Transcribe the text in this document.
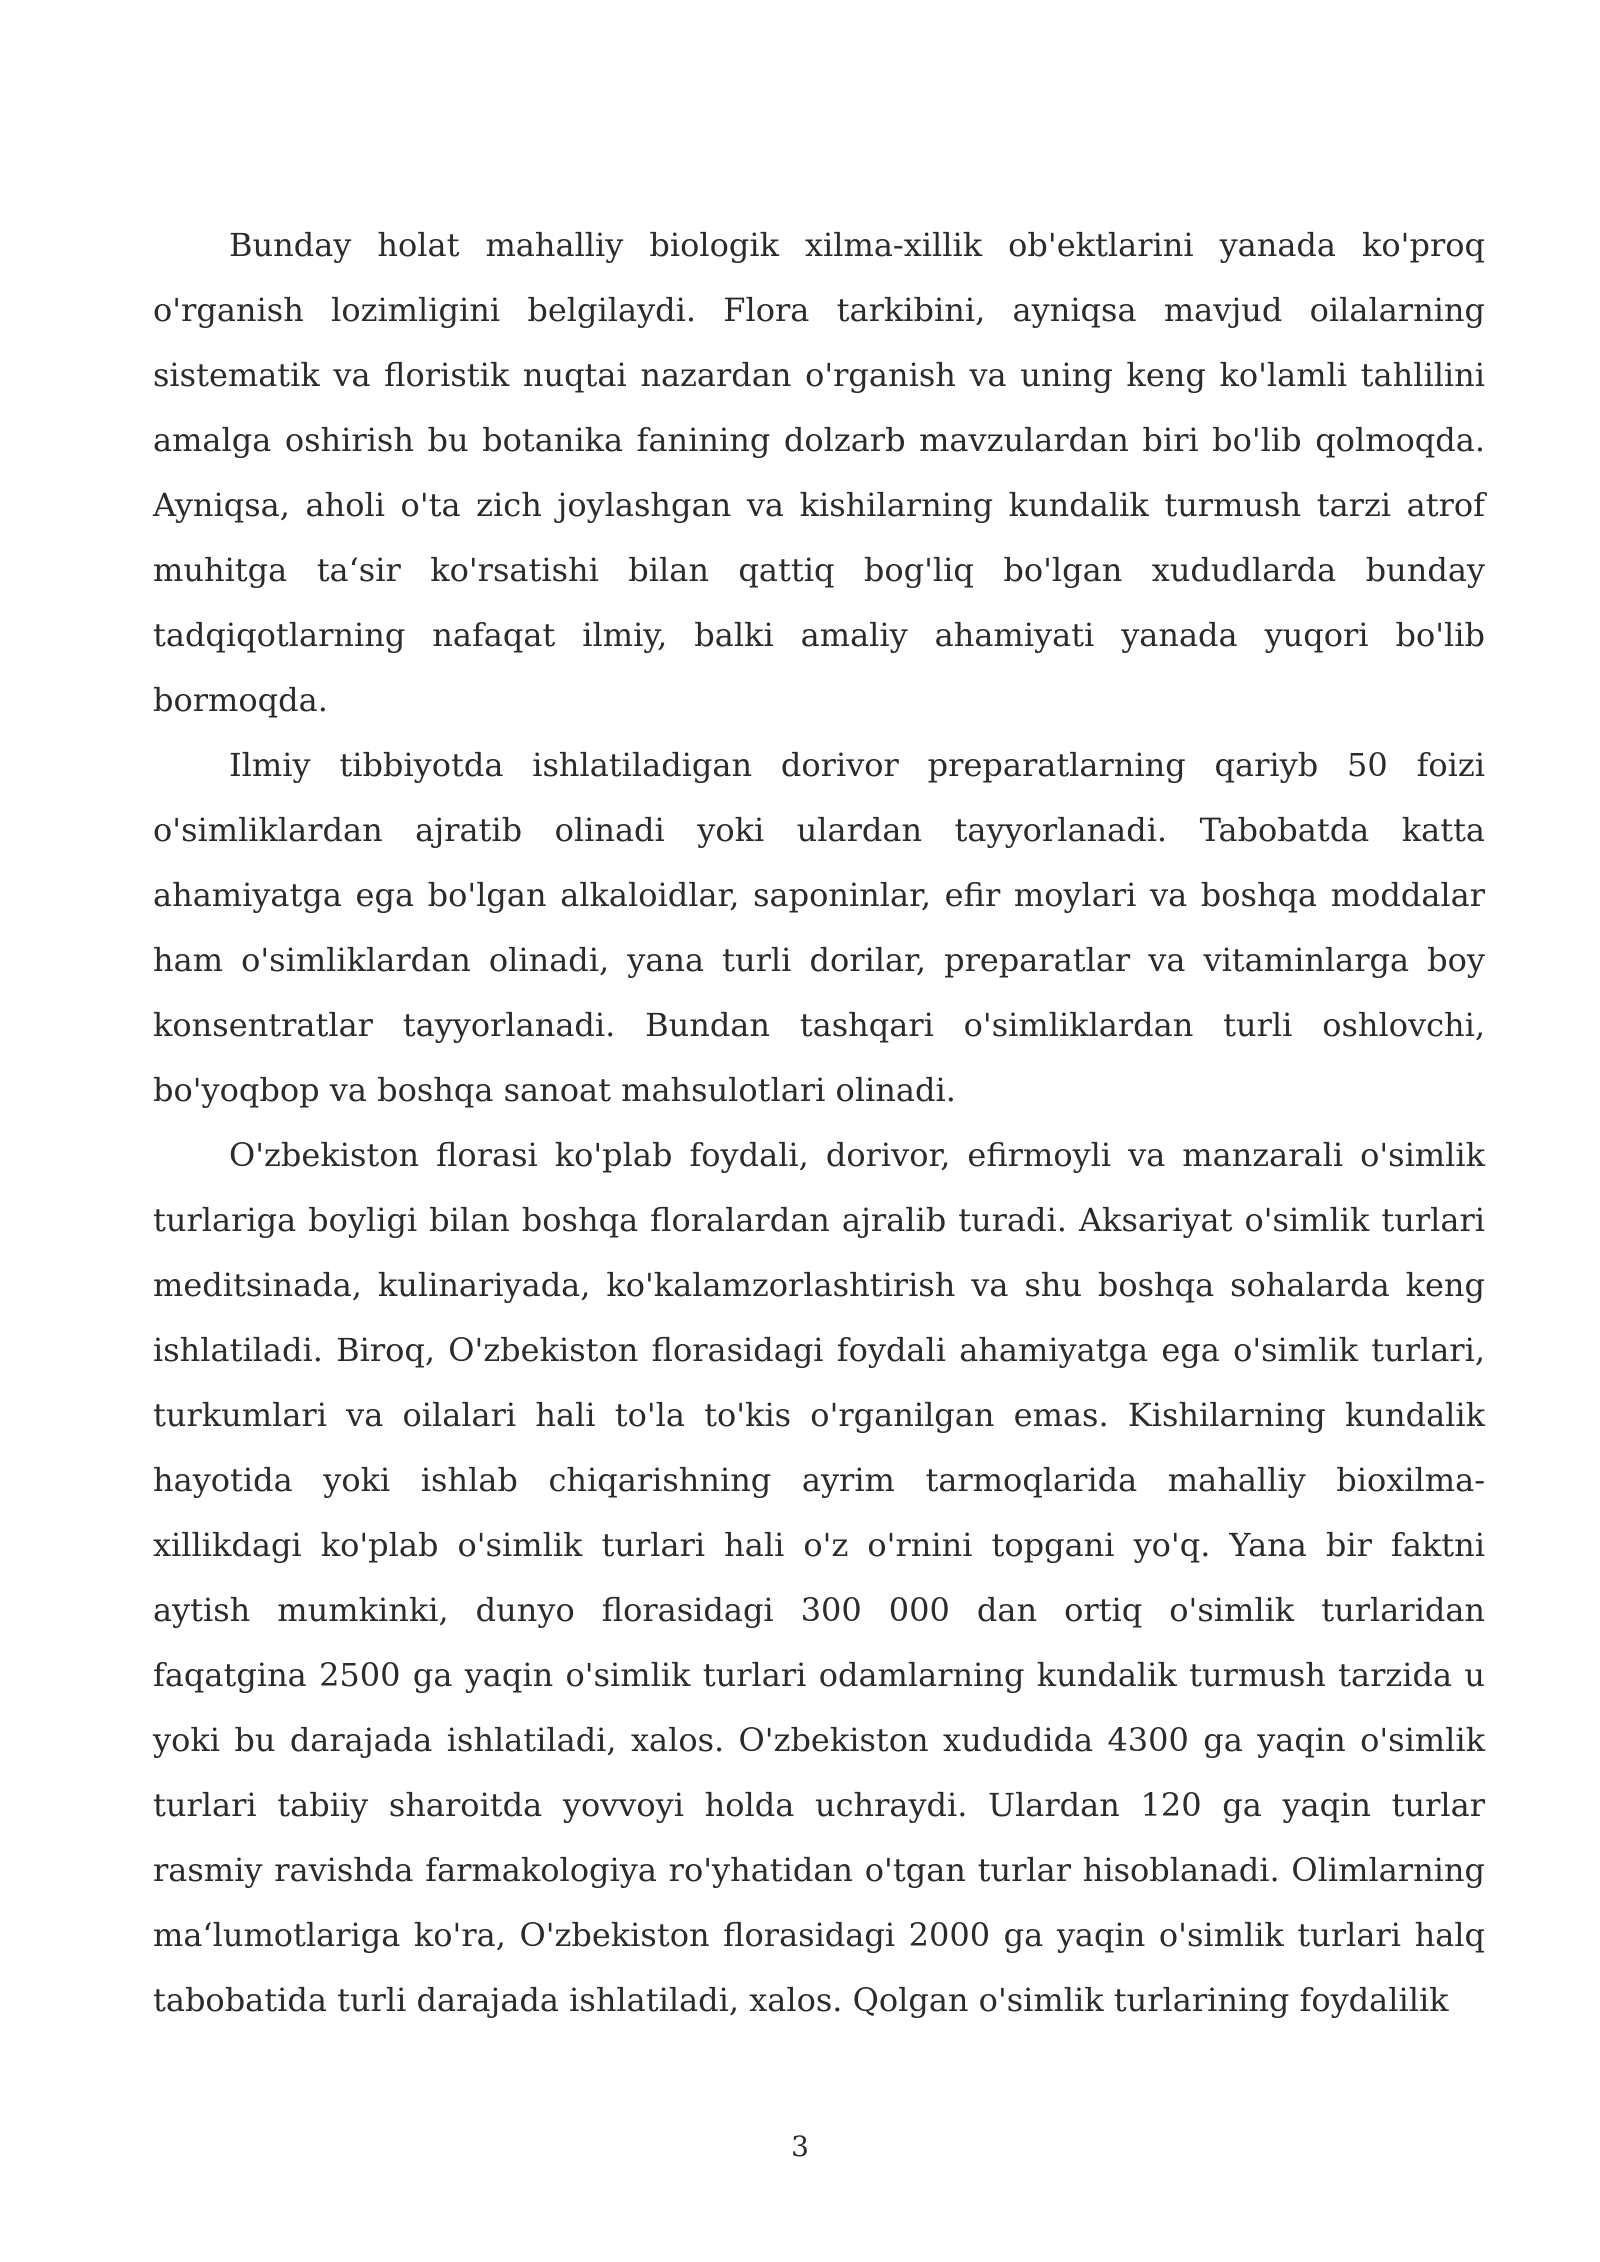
Bunday holat mahalliy biologik xilma-xillik ob'ektlarini yanada ko'proq o'rganish lozimligini belgilaydi. Flora tarkibini, ayniqsa mavjud oilalarning sistematik va floristik nuqtai nazardan o'rganish va uning keng ko'lamli tahlilini amalga oshirish bu botanika fanining dolzarb mavzulardan biri bo'lib qolmoqda. Ayniqsa, aholi o'ta zich joylashgan va kishilarning kundalik turmush tarzi atrof muhitga taʻsir ko'rsatishi bilan qattiq bog'liq bo'lgan xududlarda bunday tadqiqotlarning nafaqat ilmiy, balki amaliy ahamiyati yanada yuqori bo'lib bormoqda.

Ilmiy tibbiyotda ishlatiladigan dorivor preparatlarning qariyb 50 foizi o'simliklardan ajratib olinadi yoki ulardan tayyorlanadi. Tabobatda katta ahamiyatga ega bo'lgan alkaloidlar, saponinlar, efir moylari va boshqa moddalar ham o'simliklardan olinadi, yana turli dorilar, preparatlar va vitaminlarga boy konsentratlar tayyorlanadi. Bundan tashqari o'simliklardan turli oshlovchi, bo'yoqbop va boshqa sanoat mahsulotlari olinadi.

O'zbekiston florasi ko'plab foydali, dorivor, efirmoyli va manzarali o'simlik turlariga boyligi bilan boshqa floralardan ajralib turadi. Aksariyat o'simlik turlari meditsinada, kulinariyada, ko'kalamzorlashtirish va shu boshqa sohalarda keng ishlatiladi. Biroq, O'zbekiston florasidagi foydali ahamiyatga ega o'simlik turlari, turkumlari va oilalari hali to'la to'kis o'rganilgan emas. Kishilarning kundalik hayotida yoki ishlab chiqarishning ayrim tarmoqlarida mahalliy bioxilma-xillikdagi ko'plab o'simlik turlari hali o'z o'rnini topgani yo'q. Yana bir faktni aytish mumkinki, dunyo florasidagi 300 000 dan ortiq o'simlik turlaridan faqatgina 2500 ga yaqin o'simlik turlari odamlarning kundalik turmush tarzida u yoki bu darajada ishlatiladi, xalos. O'zbekiston xududida 4300 ga yaqin o'simlik turlari tabiiy sharoitda yovvoyi holda uchraydi. Ulardan 120 ga yaqin turlar rasmiy ravishda farmakologiya ro'yhatidan o'tgan turlar hisoblanadi. Olimlarning maʻlumotlariga ko'ra, O'zbekiston florasidagi 2000 ga yaqin o'simlik turlari halq tabobatida turli darajada ishlatiladi, xalos. Qolgan o'simlik turlarining foydalilik

3
